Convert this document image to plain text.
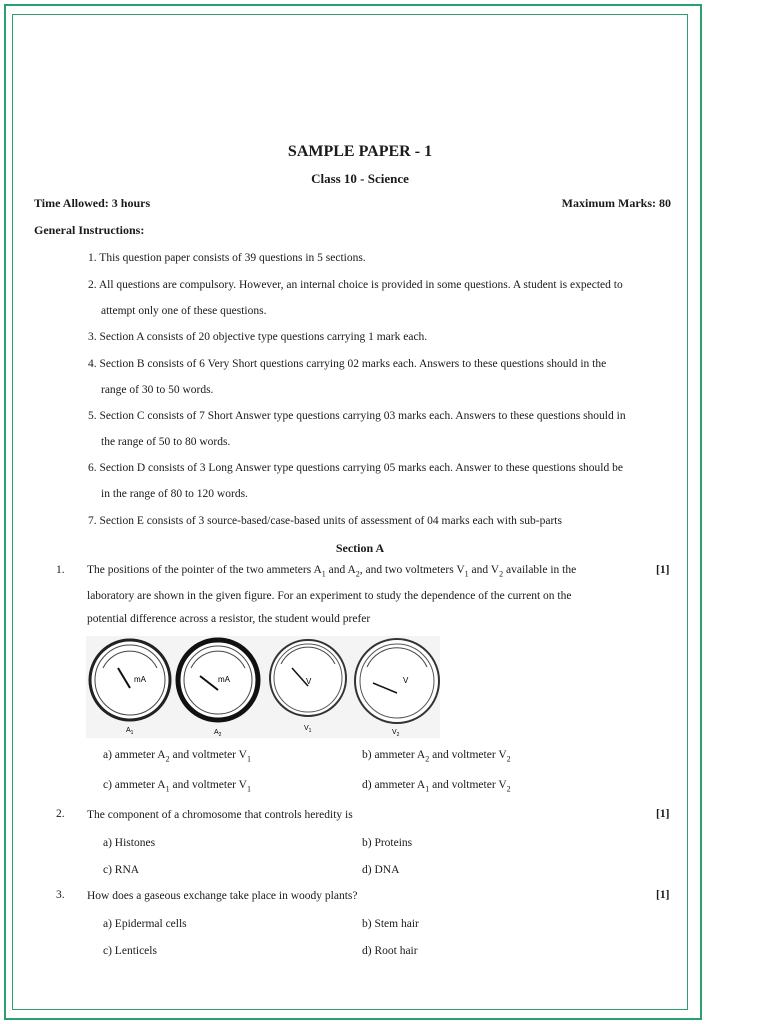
SAMPLE PAPER - 1
Class 10 - Science
Time Allowed: 3 hours	Maximum Marks: 80
General Instructions:
1. This question paper consists of 39 questions in 5 sections.
2. All questions are compulsory. However, an internal choice is provided in some questions. A student is expected to
attempt only one of these questions.
3. Section A consists of 20 objective type questions carrying 1 mark each.
4. Section B consists of 6 Very Short questions carrying 02 marks each. Answers to these questions should in the
range of 30 to 50 words.
5. Section C consists of 7 Short Answer type questions carrying 03 marks each. Answers to these questions should in
the range of 50 to 80 words.
6. Section D consists of 3 Long Answer type questions carrying 05 marks each. Answer to these questions should be
in the range of 80 to 120 words.
7. Section E consists of 3 source-based/case-based units of assessment of 04 marks each with sub-parts
Section A
1. The positions of the pointer of the two ammeters $A_1$ and $A_2$, and two voltmeters $V_1$ and $V_2$ available in the
laboratory are shown in the given figure. For an experiment to study the dependence of the current on the
potential difference across a resistor, the student would prefer
[1]
mA
$A_1$
mA
$A_2$
V
$V_1$
V
$V_2$
a) ammeter $A_2$ and voltmeter $V_1$	b) ammeter $A_2$ and voltmeter $V_2$
c) ammeter $A_1$ and voltmeter $V_1$	d) ammeter $A_1$ and voltmeter $V_2$
2. The component of a chromosome that controls heredity is	[1]
a) Histones	b) Proteins
c) RNA	d) DNA
3. How does a gaseous exchange take place in woody plants?	[1]
a) Epidermal cells	b) Stem hair
c) Lenticels	d) Root hair
